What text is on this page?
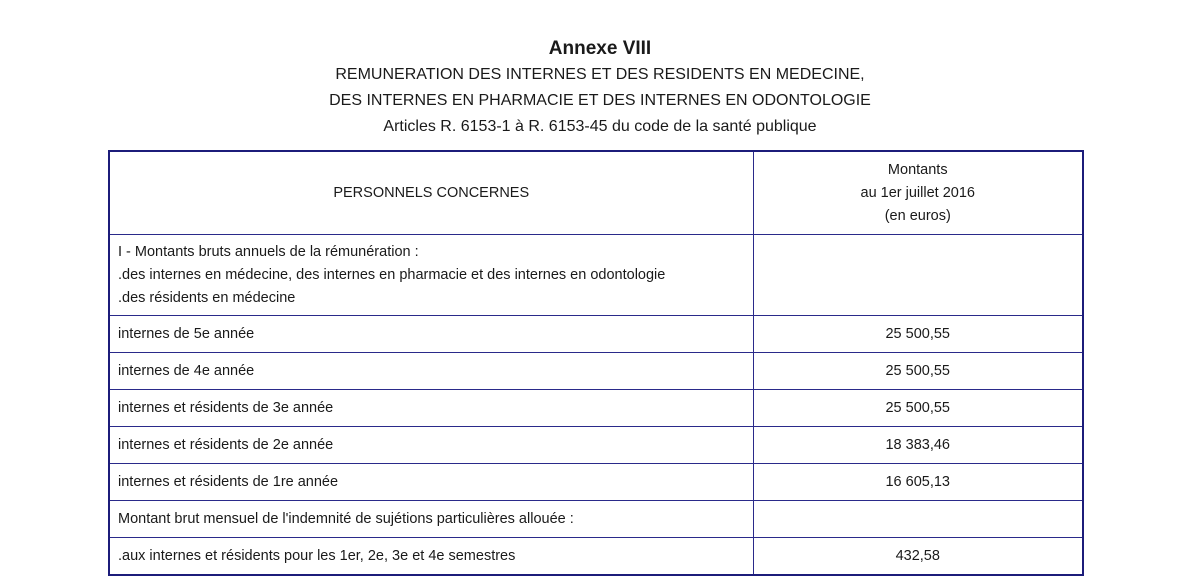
Annexe VIII
REMUNERATION DES INTERNES ET DES RESIDENTS EN MEDECINE,
DES INTERNES EN PHARMACIE ET DES INTERNES EN ODONTOLOGIE
Articles R. 6153-1 à R. 6153-45 du code de la santé publique
PERSONNELS CONCERNES	Montants
au 1er juillet 2016
(en euros)

I - Montants bruts annuels de la rémunération :
.des internes en médecine, des internes en pharmacie et des internes en odontologie
.des résidents en médecine	

internes de 5e année	25 500,55
internes de 4e année	25 500,55
internes et résidents de 3e année	25 500,55
internes et résidents de 2e année	18 383,46
internes et résidents de 1re année	16 605,13
Montant brut mensuel de l'indemnité de sujétions particulières allouée :	
.aux internes et résidents pour les 1er, 2e, 3e et 4e semestres	432,58
